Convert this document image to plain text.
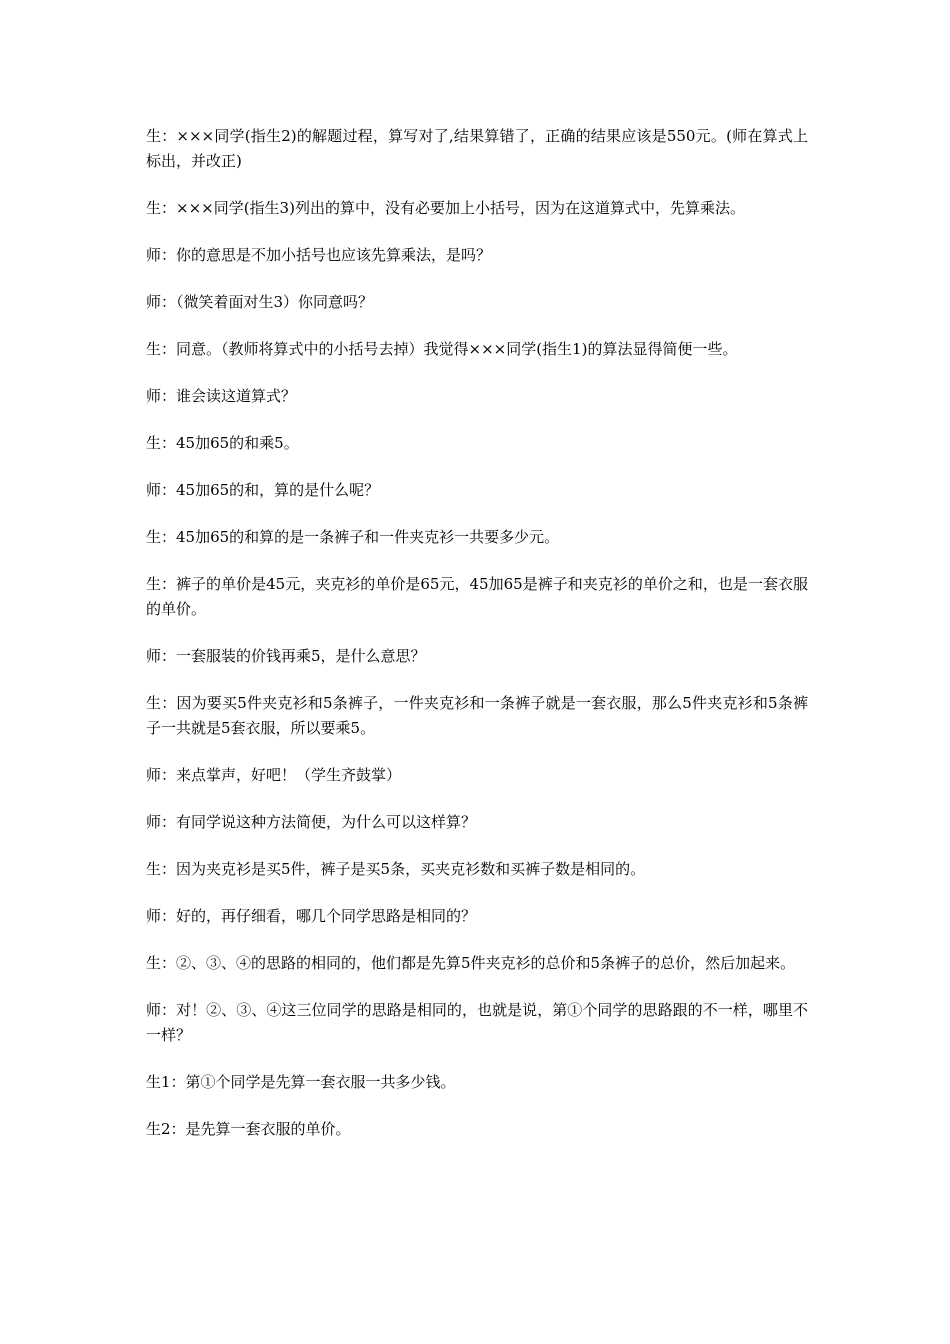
生：×××同学(指生2)的解题过程，算写对了,结果算错了，正确的结果应该是550元。(师在算式上标出，并改正)

生：×××同学(指生3)列出的算中，没有必要加上小括号，因为在这道算式中，先算乘法。

师：你的意思是不加小括号也应该先算乘法，是吗？

师：（微笑着面对生3）你同意吗？

生：同意。（教师将算式中的小括号去掉）我觉得×××同学(指生1)的算法显得简便一些。

师：谁会读这道算式？

生：45加65的和乘5。

师：45加65的和，算的是什么呢？

生：45加65的和算的是一条裤子和一件夹克衫一共要多少元。

生：裤子的单价是45元，夹克衫的单价是65元，45加65是裤子和夹克衫的单价之和，也是一套衣服的单价。

师：一套服装的价钱再乘5，是什么意思？

生：因为要买5件夹克衫和5条裤子，一件夹克衫和一条裤子就是一套衣服，那么5件夹克衫和5条裤子一共就是5套衣服，所以要乘5。

师：来点掌声，好吧！（学生齐鼓掌）

师：有同学说这种方法简便，为什么可以这样算？

生：因为夹克衫是买5件，裤子是买5条，买夹克衫数和买裤子数是相同的。

师：好的，再仔细看，哪几个同学思路是相同的？

生：②、③、④的思路的相同的，他们都是先算5件夹克衫的总价和5条裤子的总价，然后加起来。

师：对！②、③、④这三位同学的思路是相同的，也就是说，第①个同学的思路跟的不一样，哪里不一样？

生1：第①个同学是先算一套衣服一共多少钱。

生2：是先算一套衣服的单价。
